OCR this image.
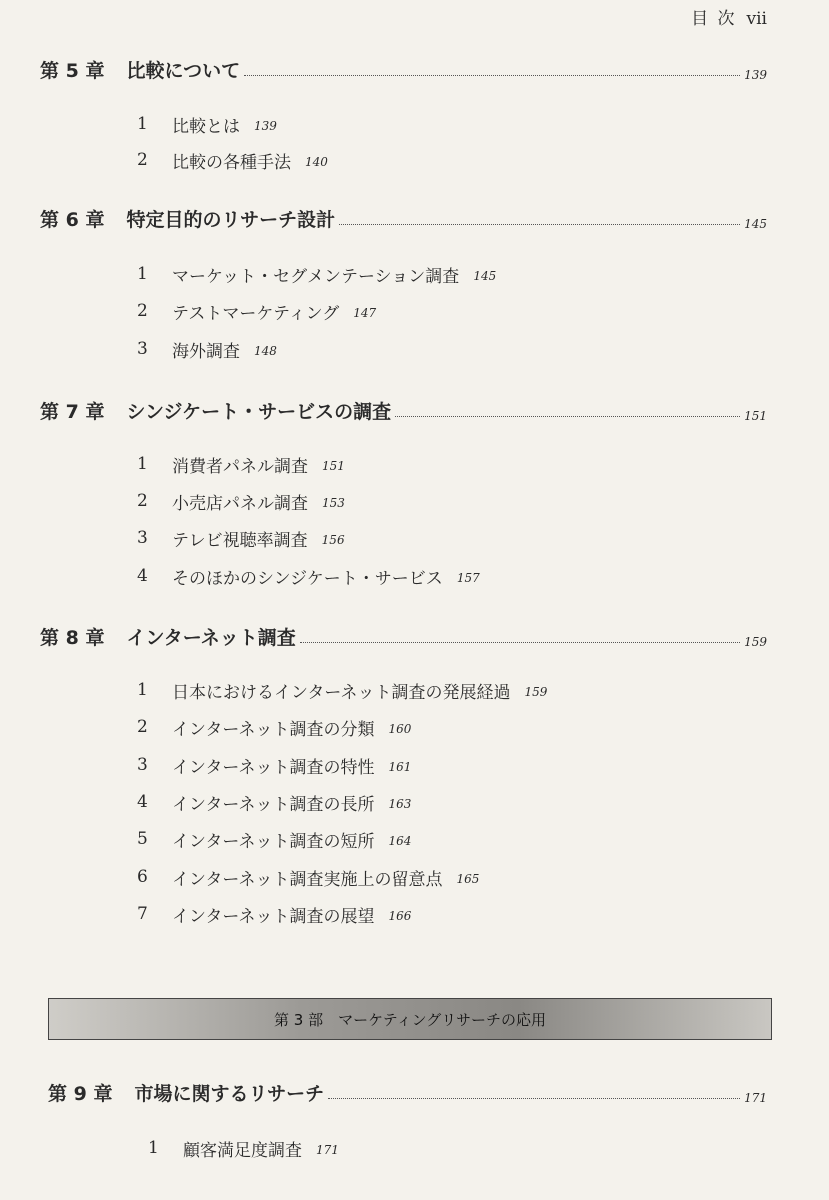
目 次 vii
第 5 章 比較について	139
1	比較とは 139
2	比較の各種手法 140
第 6 章 特定目的のリサーチ設計	145
1	マーケット・セグメンテーション調査 145
2	テストマーケティング 147
3	海外調査 148
第 7 章 シンジケート・サービスの調査	151
1	消費者パネル調査 151
2	小売店パネル調査 153
3	テレビ視聴率調査 156
4	そのほかのシンジケート・サービス 157
第 8 章 インターネット調査	159
1	日本におけるインターネット調査の発展経過 159
2	インターネット調査の分類 160
3	インターネット調査の特性 161
4	インターネット調査の長所 163
5	インターネット調査の短所 164
6	インターネット調査実施上の留意点 165
7	インターネット調査の展望 166
第 3 部　マーケティングリサーチの応用
第 9 章 市場に関するリサーチ	171
1	顧客満足度調査 171
